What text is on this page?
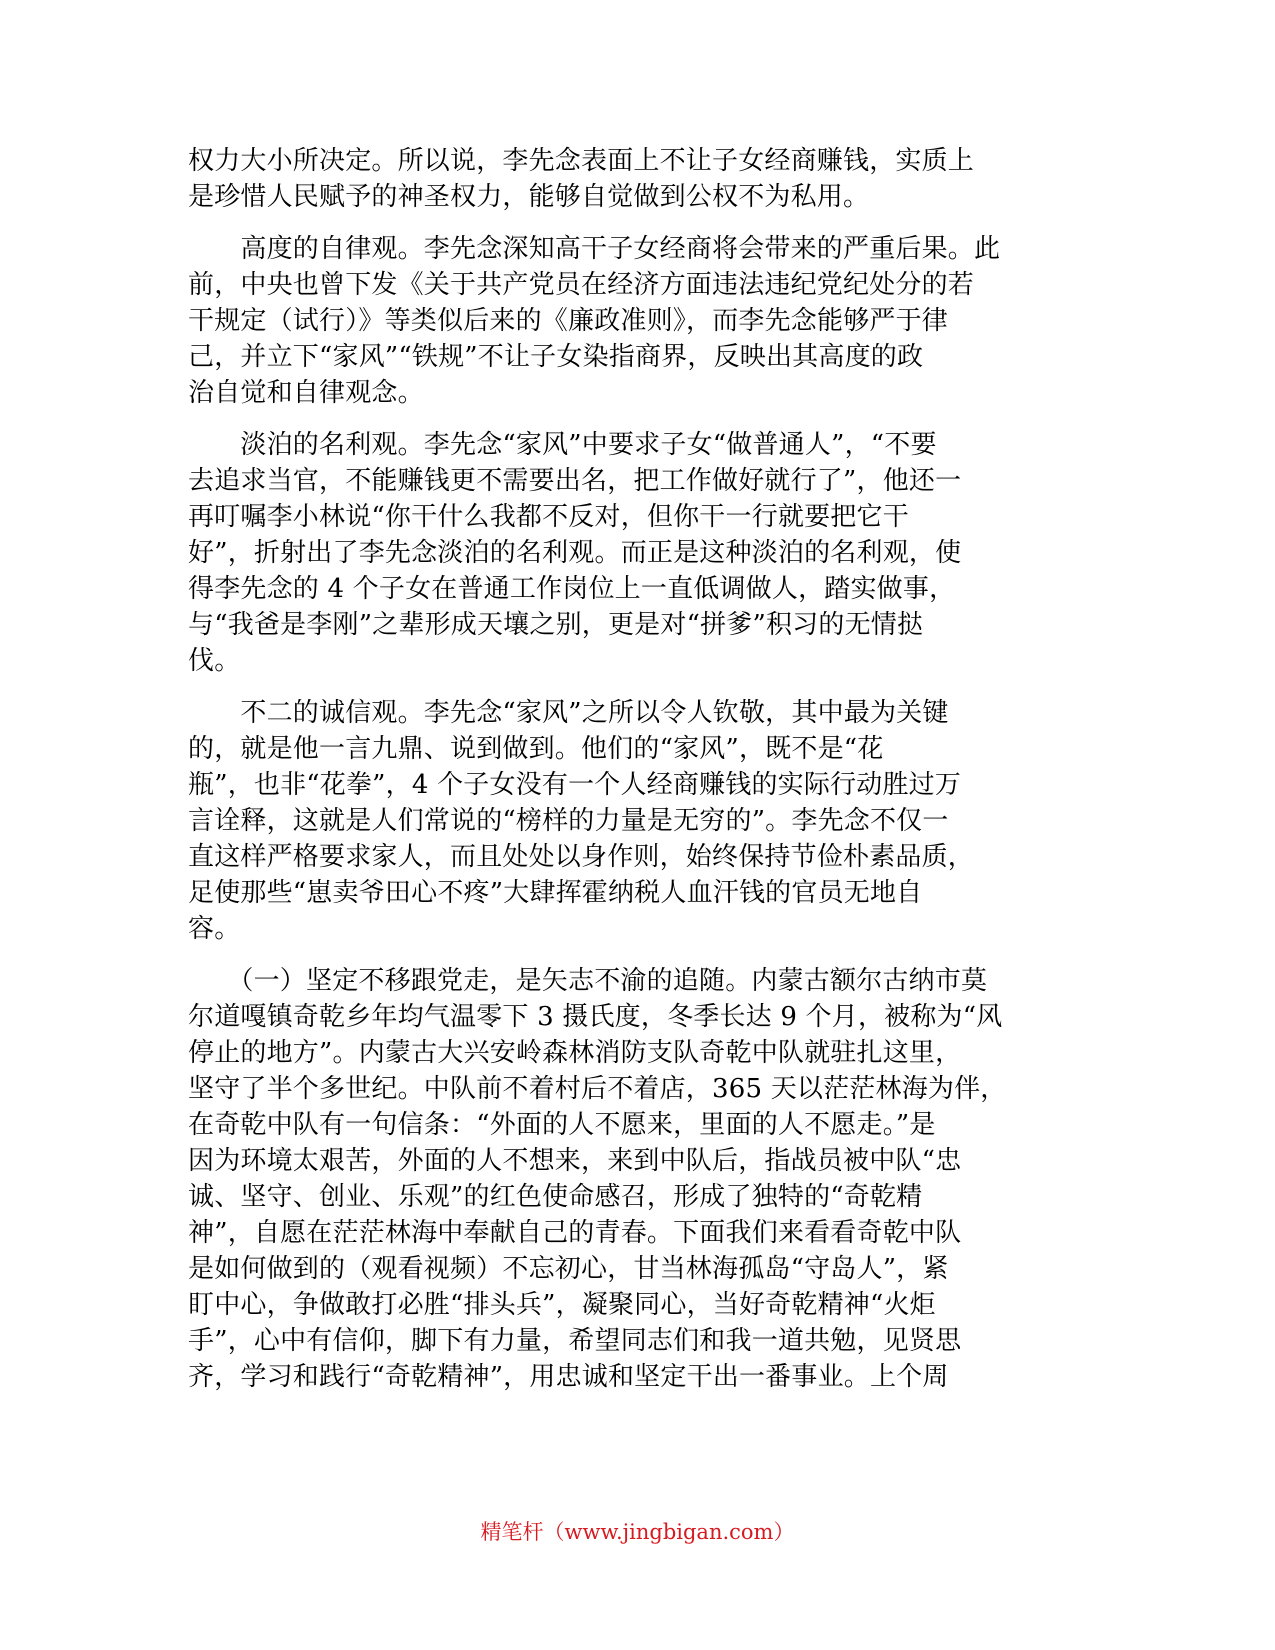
权力大小所决定。所以说，李先念表面上不让子女经商赚钱，实质上
是珍惜人民赋予的神圣权力，能够自觉做到公权不为私用。
　　高度的自律观。李先念深知高干子女经商将会带来的严重后果。此
前，中央也曾下发《关于共产党员在经济方面违法违纪党纪处分的若
干规定（试行）》等类似后来的《廉政准则》，而李先念能够严于律
己，并立下“家风”“铁规”不让子女染指商界，反映出其高度的政
治自觉和自律观念。
　　淡泊的名利观。李先念“家风”中要求子女“做普通人”，“不要
去追求当官，不能赚钱更不需要出名，把工作做好就行了”，他还一
再叮嘱李小林说“你干什么我都不反对，但你干一行就要把它干
好”，折射出了李先念淡泊的名利观。而正是这种淡泊的名利观，使
得李先念的 4 个子女在普通工作岗位上一直低调做人，踏实做事，
与“我爸是李刚”之辈形成天壤之别，更是对“拼爹”积习的无情挞
伐。
　　不二的诚信观。李先念“家风”之所以令人钦敬，其中最为关键
的，就是他一言九鼎、说到做到。他们的“家风”，既不是“花
瓶”，也非“花拳”，4 个子女没有一个人经商赚钱的实际行动胜过万
言诠释，这就是人们常说的“榜样的力量是无穷的”。李先念不仅一
直这样严格要求家人，而且处处以身作则，始终保持节俭朴素品质，
足使那些“崽卖爷田心不疼”大肆挥霍纳税人血汗钱的官员无地自
容。
　　（一）坚定不移跟党走，是矢志不渝的追随。内蒙古额尔古纳市莫
尔道嘎镇奇乾乡年均气温零下 3 摄氏度，冬季长达 9 个月，被称为“风
停止的地方”。内蒙古大兴安岭森林消防支队奇乾中队就驻扎这里，
坚守了半个多世纪。中队前不着村后不着店，365 天以茫茫林海为伴，
在奇乾中队有一句信条：“外面的人不愿来，里面的人不愿走。”是
因为环境太艰苦，外面的人不想来，来到中队后，指战员被中队“忠
诚、坚守、创业、乐观”的红色使命感召，形成了独特的“奇乾精
神”，自愿在茫茫林海中奉献自己的青春。下面我们来看看奇乾中队
是如何做到的（观看视频）不忘初心，甘当林海孤岛“守岛人”，紧
盯中心，争做敢打必胜“排头兵”，凝聚同心，当好奇乾精神“火炬
手”，心中有信仰，脚下有力量，希望同志们和我一道共勉，见贤思
齐，学习和践行“奇乾精神”，用忠诚和坚定干出一番事业。上个周
精笔杆（www.jingbigan.com）
